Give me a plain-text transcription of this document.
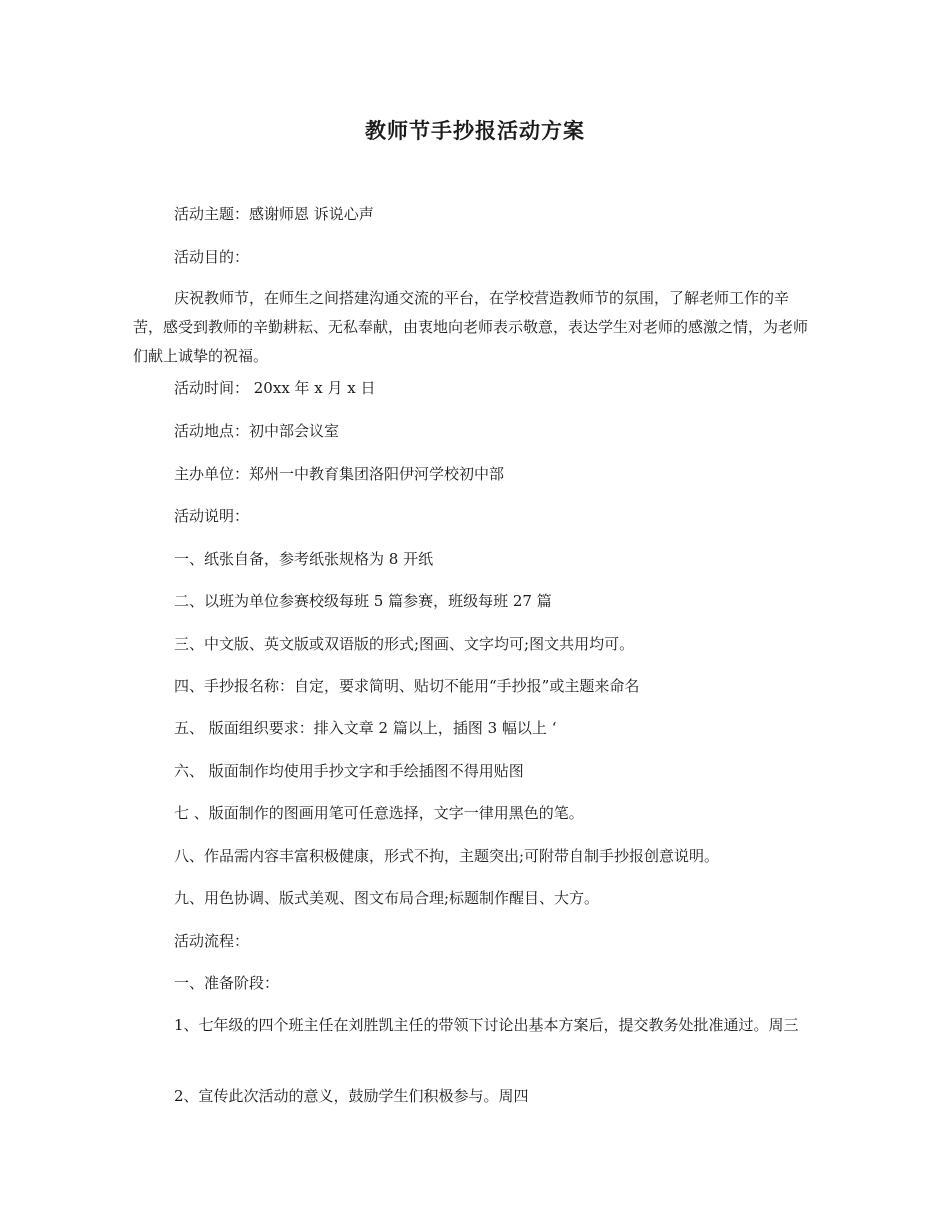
教师节手抄报活动方案
活动主题：感谢师恩 诉说心声
活动目的：
庆祝教师节，在师生之间搭建沟通交流的平台，在学校营造教师节的氛围，了解老师工作的辛苦，感受到教师的辛勤耕耘、无私奉献，由衷地向老师表示敬意，表达学生对老师的感激之情，为老师们献上诚挚的祝福。
活动时间： 20xx 年 x 月 x 日
活动地点：初中部会议室
主办单位：郑州一中教育集团洛阳伊河学校初中部
活动说明：
一、纸张自备，参考纸张规格为 8 开纸
二、以班为单位参赛校级每班 5 篇参赛，班级每班 27 篇
三、中文版、英文版或双语版的形式;图画、文字均可;图文共用均可。
四、手抄报名称：自定，要求简明、贴切不能用“手抄报”或主题来命名
五、 版面组织要求：排入文章 2 篇以上，插图 3 幅以上 ‘
六、 版面制作均使用手抄文字和手绘插图不得用贴图
七 、版面制作的图画用笔可任意选择，文字一律用黑色的笔。
八、作品需内容丰富积极健康，形式不拘，主题突出;可附带自制手抄报创意说明。
九、用色协调、版式美观、图文布局合理;标题制作醒目、大方。
活动流程：
一、准备阶段：
1、七年级的四个班主任在刘胜凯主任的带领下讨论出基本方案后，提交教务处批准通过。周三
2、宣传此次活动的意义，鼓励学生们积极参与。周四
